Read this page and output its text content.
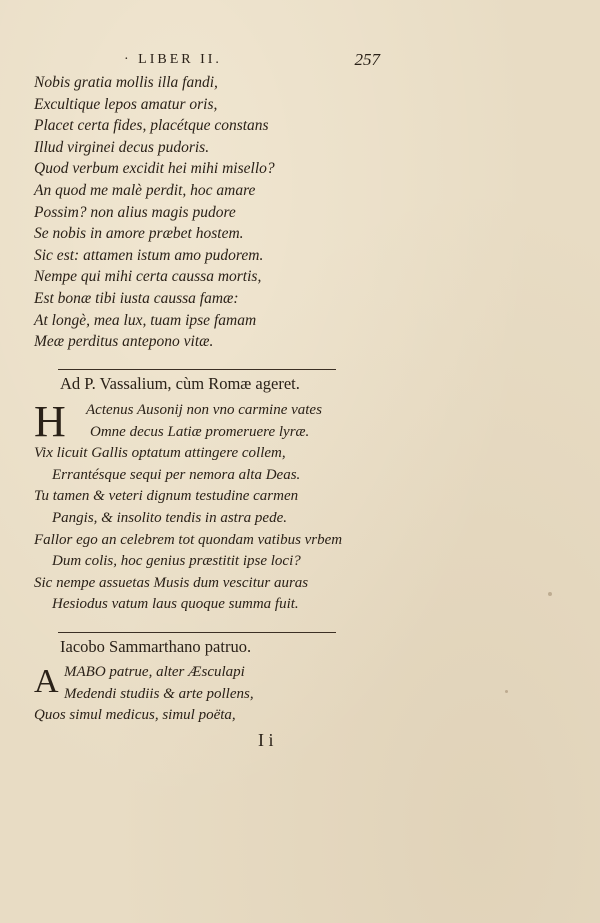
· LIBER II.	257
Nobis gratia mollis illa fandi,
Excultique lepos amatur oris,
Placet certa fides, placétque constans
Illud virginei decus pudoris.
Quod verbum excidit hei mihi misello?
An quod me malè perdit, hoc amare
Possim? non alius magis pudore
Se nobis in amore præbet hostem.
Sic est: attamen istum amo pudorem.
Nempe qui mihi certa caussa mortis,
Est bonæ tibi iusta caussa famæ:
At longè, mea lux, tuam ipse famam
Meæ perditus antepono vitæ.
Ad P. Vassalium, cùm Romæ ageret.
H Actenus Ausonij non vno carmine vates
Omne decus Latiæ promeruere lyræ.
Vix licuit Gallis optatum attingere collem,
Errantésque sequi per nemora alta Deas.
Tu tamen & veteri dignum testudine carmen
Pangis, & insolito tendis in astra pede.
Fallor ego an celebrem tot quondam vatibus vrbem
Dum colis, hoc genius præstitit ipse loci?
Sic nempe assuetas Musis dum vescitur auras
Hesiodus vatum laus quoque summa fuit.
Iacobo Sammarthano patruo.
A MABO patrue, alter Æsculapi
Medendi studiis & arte pollens,
Quos simul medicus, simul poëta,
I i
